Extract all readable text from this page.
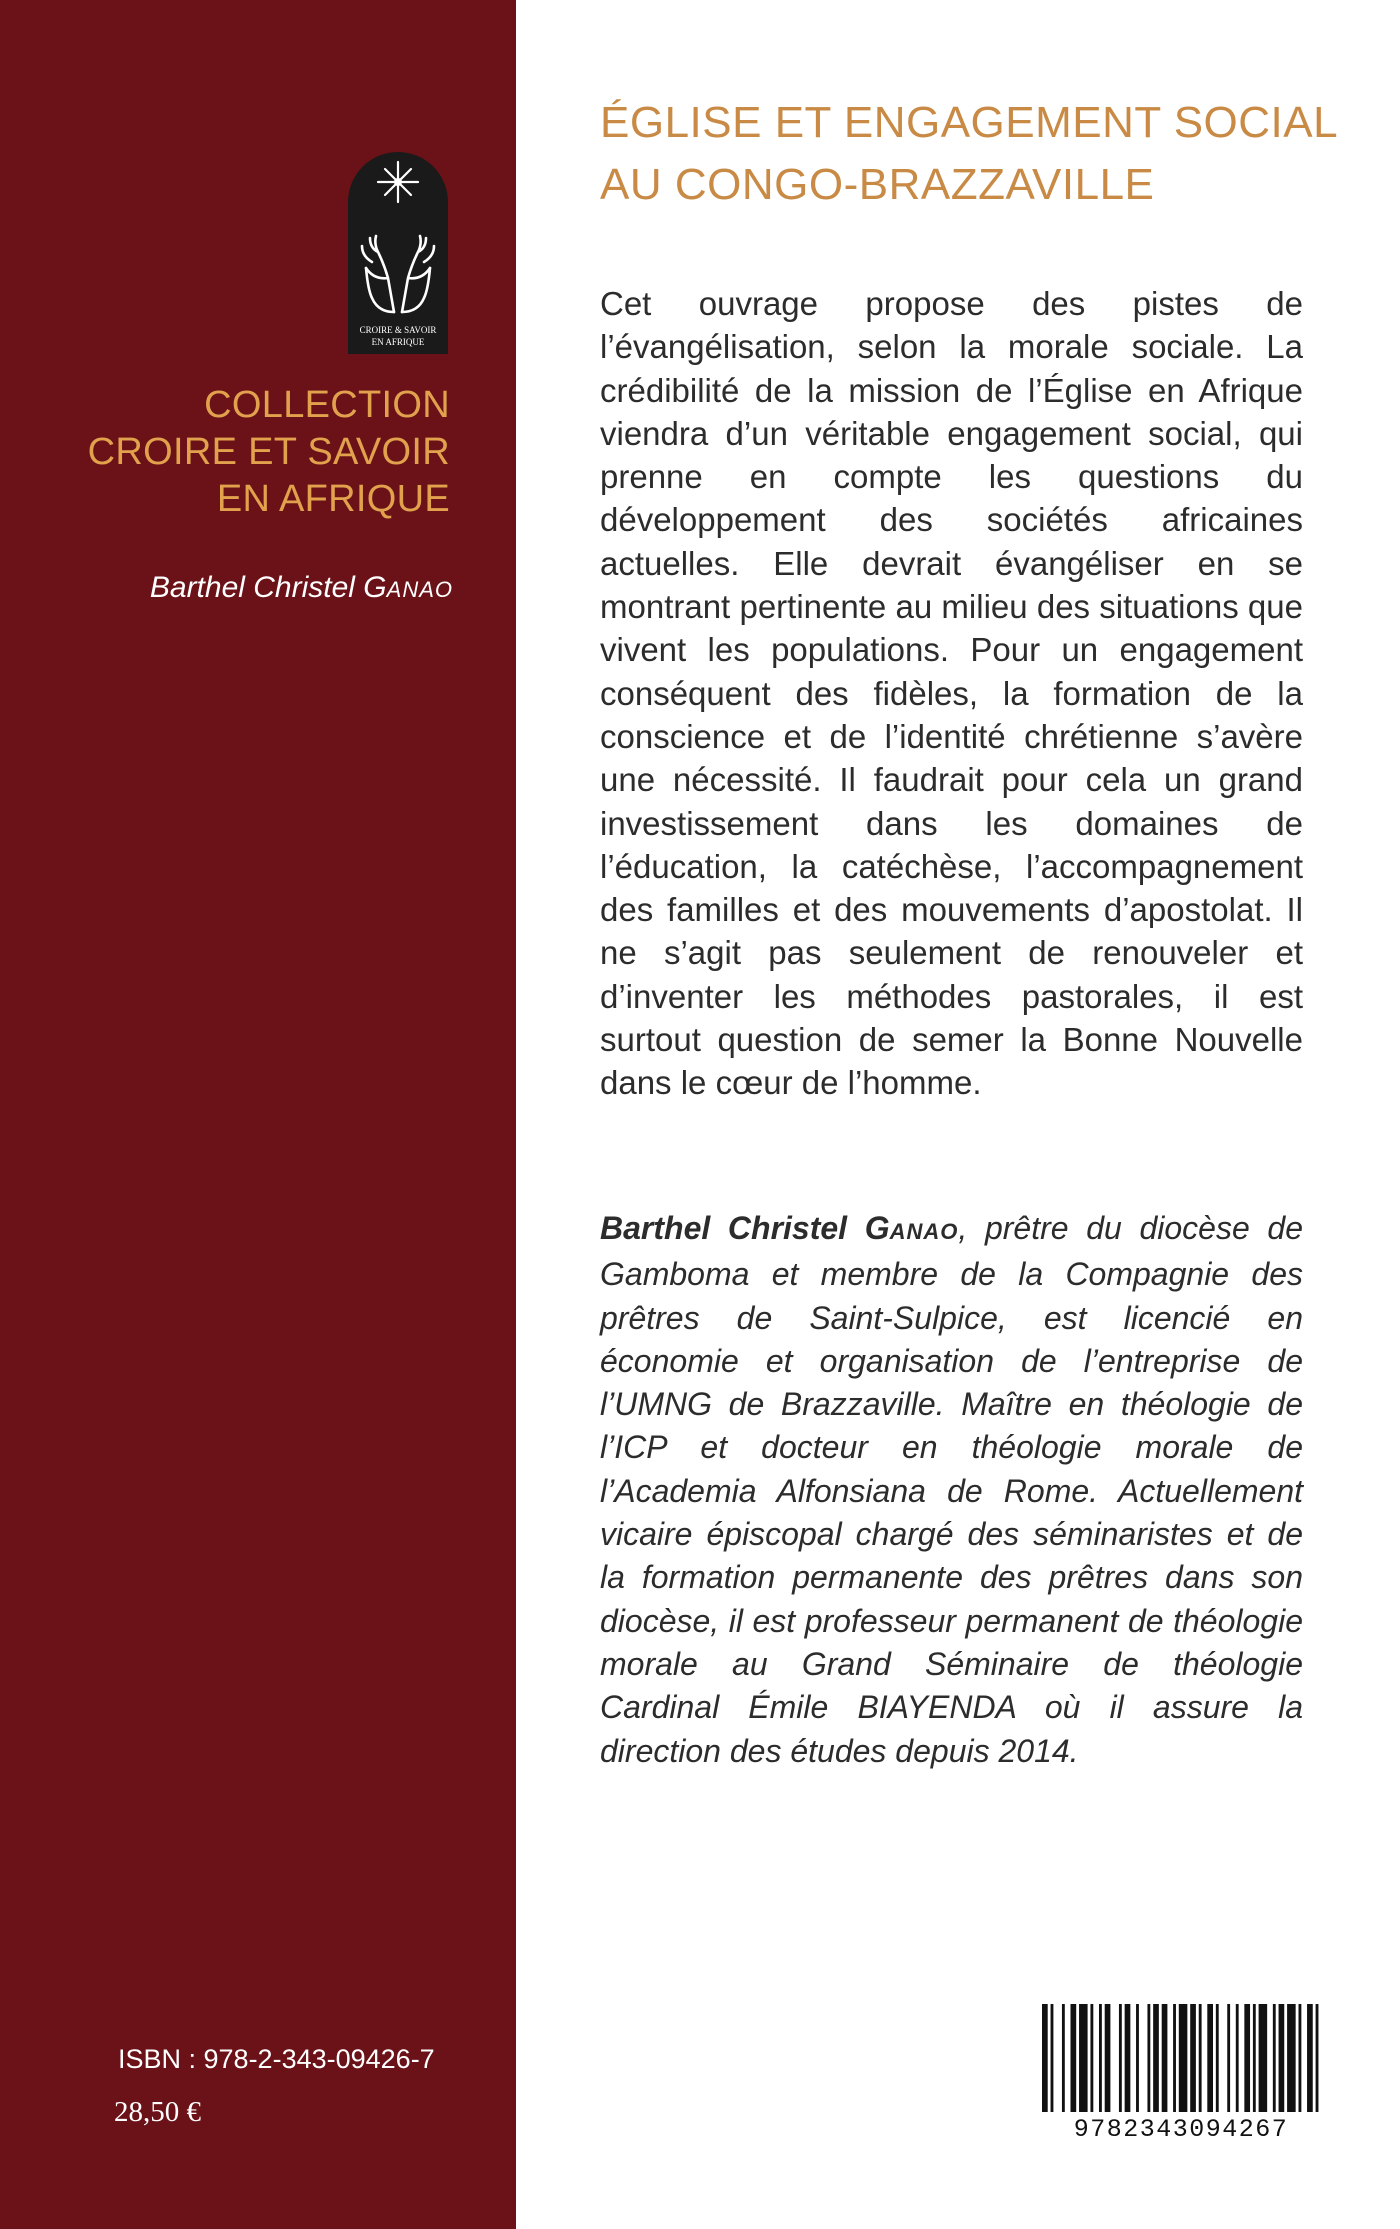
CROIRE & SAVOIR
EN AFRIQUE
COLLECTION
CROIRE ET SAVOIR
EN AFRIQUE
Barthel Christel GANAO
ISBN : 978-2-343-09426-7
28,50 €
ÉGLISE ET ENGAGEMENT SOCIAL
AU CONGO-BRAZZAVILLE
Cet ouvrage propose des pistes de l’évangélisation, selon la morale sociale. La crédibilité de la mission de l’Église en Afrique viendra d’un véritable engagement social, qui prenne en compte les questions du développement des sociétés africaines actuelles. Elle devrait évangéliser en se montrant pertinente au milieu des situations que vivent les populations. Pour un engagement conséquent des fidèles, la formation de la conscience et de l’identité chrétienne s’avère une nécessité. Il faudrait pour cela un grand investissement dans les domaines de l’éducation, la catéchèse, l’accompagnement des familles et des mouvements d’apostolat. Il ne s’agit pas seulement de renouveler et d’inventer les méthodes pastorales, il est surtout question de semer la Bonne Nouvelle dans le cœur de l’homme.
Barthel Christel GANAO, prêtre du diocèse de Gamboma et membre de la Compagnie des prêtres de Saint-Sulpice, est licencié en économie et organisation de l’entreprise de l’UMNG de Brazzaville. Maître en théologie de l’ICP et docteur en théologie morale de l’Academia Alfonsiana de Rome. Actuellement vicaire épiscopal chargé des séminaristes et de la formation permanente des prêtres dans son diocèse, il est professeur permanent de théologie morale au Grand Séminaire de théologie Cardinal Émile BIAYENDA où il assure la direction des études depuis 2014.
9782343094267
